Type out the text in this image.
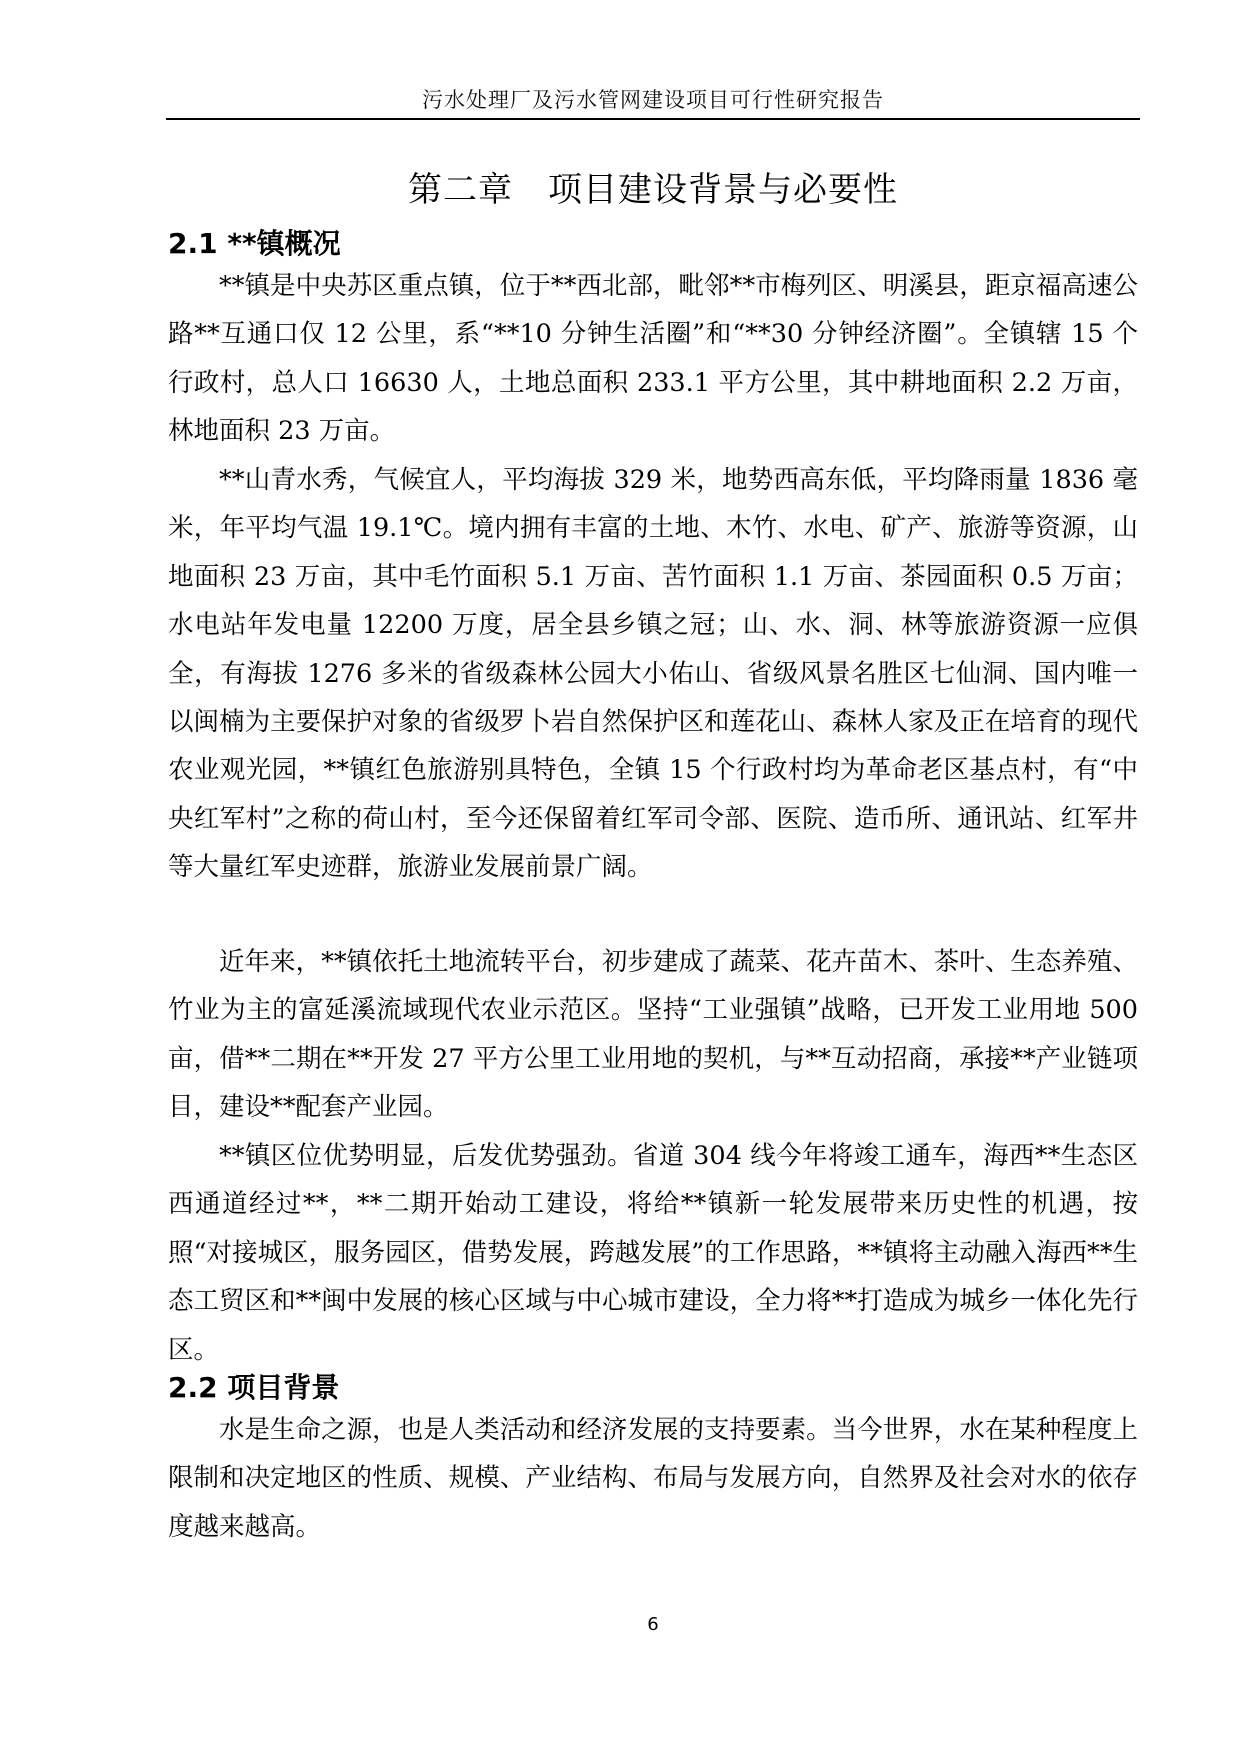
污水处理厂及污水管网建设项目可行性研究报告
第二章　项目建设背景与必要性
2.1 **镇概况

**镇是中央苏区重点镇，位于**西北部，毗邻**市梅列区、明溪县，距京福高速公路**互通口仅 12 公里，系“**10 分钟生活圈”和“**30 分钟经济圈”。全镇辖 15 个行政村，总人口 16630 人，土地总面积 233.1 平方公里，其中耕地面积 2.2 万亩，林地面积 23 万亩。

**山青水秀，气候宜人，平均海拔 329 米，地势西高东低，平均降雨量 1836 毫米，年平均气温 19.1℃。境内拥有丰富的土地、木竹、水电、矿产、旅游等资源，山地面积 23 万亩，其中毛竹面积 5.1 万亩、苦竹面积 1.1 万亩、茶园面积 0.5 万亩；水电站年发电量 12200 万度，居全县乡镇之冠；山、水、洞、林等旅游资源一应俱全，有海拔 1276 多米的省级森林公园大小佑山、省级风景名胜区七仙洞、国内唯一以闽楠为主要保护对象的省级罗卜岩自然保护区和莲花山、森林人家及正在培育的现代农业观光园，**镇红色旅游别具特色，全镇 15 个行政村均为革命老区基点村，有“中央红军村”之称的荷山村，至今还保留着红军司令部、医院、造币所、通讯站、红军井等大量红军史迹群，旅游业发展前景广阔。

近年来，**镇依托土地流转平台，初步建成了蔬菜、花卉苗木、茶叶、生态养殖、竹业为主的富延溪流域现代农业示范区。坚持“工业强镇”战略，已开发工业用地 500 亩，借**二期在**开发 27 平方公里工业用地的契机，与**互动招商，承接**产业链项目，建设**配套产业园。

**镇区位优势明显，后发优势强劲。省道 304 线今年将竣工通车，海西**生态区西通道经过**，**二期开始动工建设，将给**镇新一轮发展带来历史性的机遇，按照“对接城区，服务园区，借势发展，跨越发展”的工作思路，**镇将主动融入海西**生态工贸区和**闽中发展的核心区域与中心城市建设，全力将**打造成为城乡一体化先行区。

2.2 项目背景

水是生命之源，也是人类活动和经济发展的支持要素。当今世界，水在某种程度上限制和决定地区的性质、规模、产业结构、布局与发展方向，自然界及社会对水的依存度越来越高。

6
